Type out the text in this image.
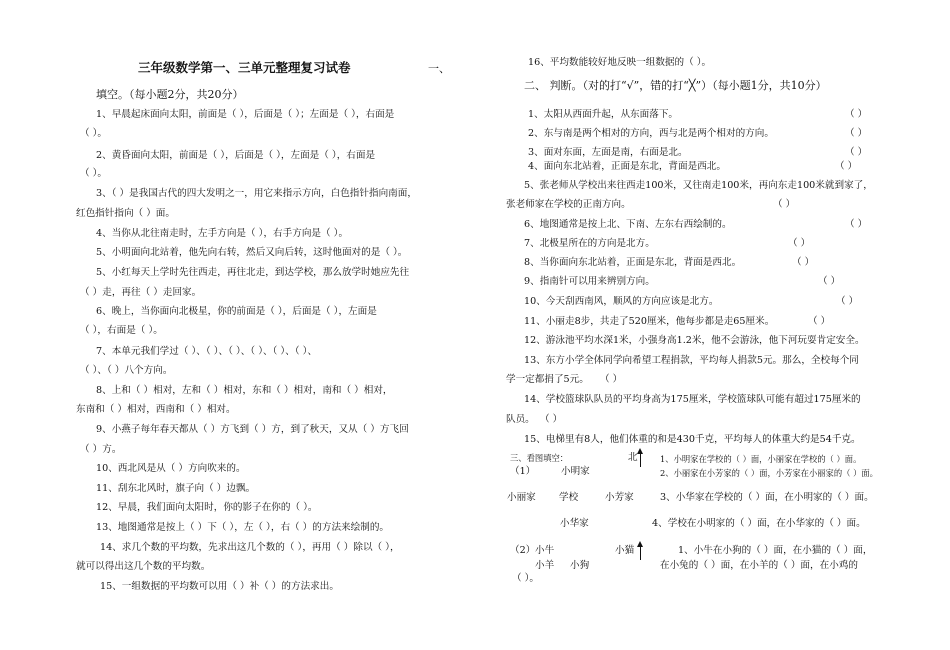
三年级数学第一、三单元整理复习试卷	一、
填空。（每小题2分，共20分）
1、早晨起床面向太阳，前面是（ ），后面是（ ）；左面是（ ），右面是
（ ）。
2、黄昏面向太阳，前面是（ ），后面是（ ），左面是（ ），右面是
（ ）。
3、（ ）是我国古代的四大发明之一，用它来指示方向，白色指针指向南面，
红色指针指向（ ）面。
4、当你从北往南走时，左手方向是（ ），右手方向是（ ）。
5、小明面向北站着，他先向右转，然后又向后转，这时他面对的是（ ）。
5、小红每天上学时先往西走，再往北走，到达学校，那么放学时她应先往
（ ）走，再往（ ）走回家。
6、晚上，当你面向北极星，你的前面是（ ），后面是（ ），左面是
（ ），右面是（ ）。
7、本单元我们学过（ ）、（ ）、（ ）、（ ）、（ ）、（ ）、
（ ）、（ ）八个方向。
8、上和（ ）相对，左和（ ）相对，东和（ ）相对，南和（ ）相对，
东南和（ ）相对，西南和（ ）相对。
9、小燕子每年春天都从（ ）方飞到（ ）方，到了秋天，又从（ ）方飞回
（ ）方。
10、西北风是从（ ）方向吹来的。
11、刮东北风时，旗子向（ ）边飘。
12、早晨，我们面向太阳时，你的影子在你的（ ）。
13、地图通常是按上（ ）下（ ），左（ ），右（ ）的方法来绘制的。
14、求几个数的平均数，先求出这几个数的（ ），再用（ ）除以（ ），
就可以得出这几个数的平均数。
15、一组数据的平均数可以用（ ）补（ ）的方法求出。
16、平均数能较好地反映一组数据的（ ）。
二、 判断。（对的打“√”，错的打“╳”）（每小题1分，共10分）
1、太阳从西面升起，从东面落下。	（ ）
2、东与南是两个相对的方向，西与北是两个相对的方向。	（ ）
3、面对东面，左面是南，右面是北。	（ ）
4、面向东北站着，正面是东北，背面是西北。	（ ）
5、张老师从学校出来往西走100米，又往南走100米，再向东走100米就到家了，
张老师家在学校的正南方向。	（ ）
6、地图通常是按上北、下南、左东右西绘制的。	（ ）
7、北极星所在的方向是北方。	（ ）
8、当你面向东北站着，正面是东北，背面是西北。	（ ）
9、指南针可以用来辨别方向。	（ ）
10、今天刮西南风，顺风的方向应该是北方。	（ ）
11、小丽走8步，共走了520厘米，他每步都是走65厘米。	（ ）
12、游泳池平均水深1米，小强身高1.2米，他不会游泳，他下河玩耍肯定安全。
13、东方小学全体同学向希望工程捐款，平均每人捐款5元。那么，全校每个同
学一定都捐了5元。 （ ）
14、学校篮球队队员的平均身高为175厘米，学校篮球队可能有超过175厘米的
队员。 （ ）
15、电梯里有8人，他们体重的和是430千克，平均每人的体重大约是54千克。
三、看图填空：	北
（1）	小明家
小丽家 学校	小芳家
小华家
1、小明家在学校的（ ）面，小丽家在学校的（ ）面。
2、小丽家在小芳家的（ ）面，小芳家在小丽家的（ ）面。
3、小华家在学校的（ ）面，在小明家的（ ）面。
4、学校在小明家的（ ）面，在小华家的（ ）面。
（2） 小牛	小猫
小羊 小狗
1、小牛在小狗的（ ）面，在小猫的（ ）面，
在小兔的（ ）面，在小羊的（ ）面，在小鸡的
（ ）。
